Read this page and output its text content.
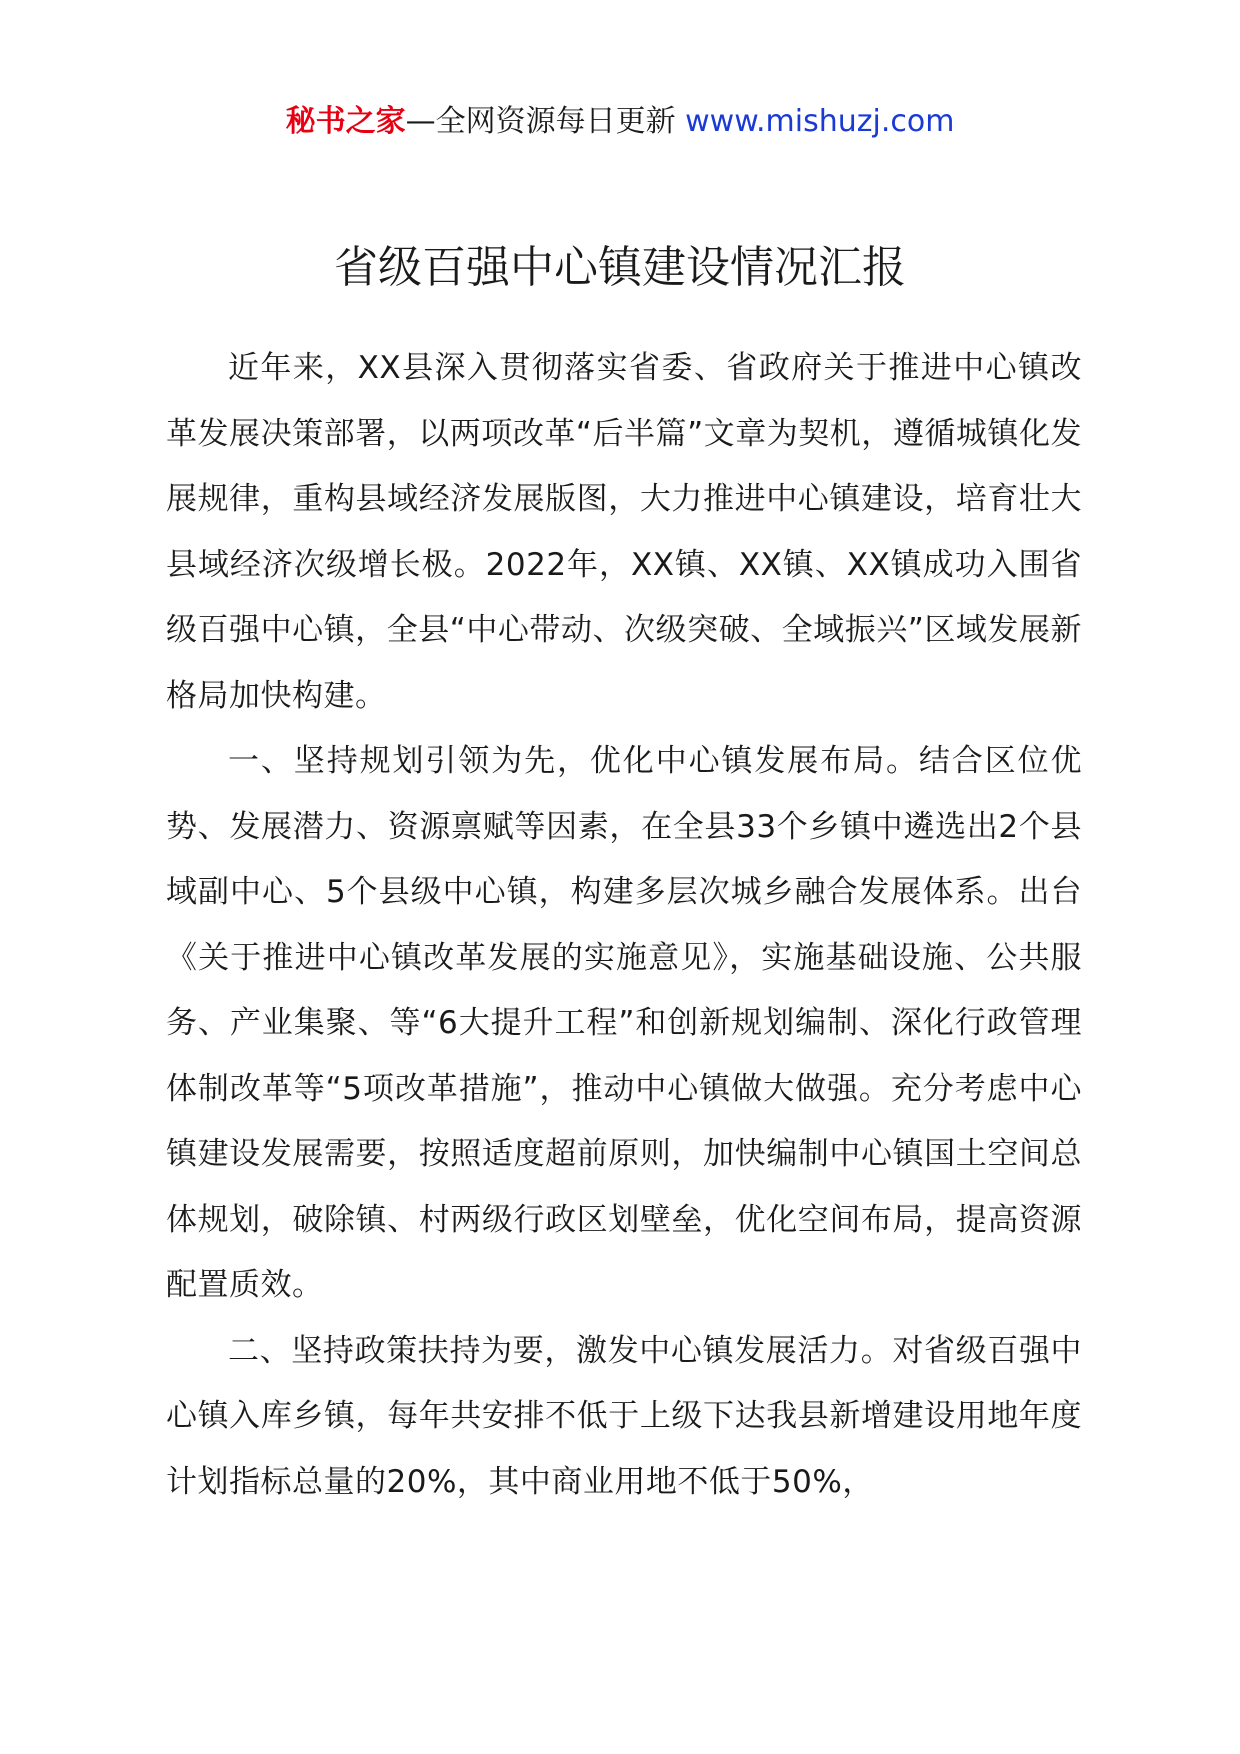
秘书之家—全网资源每日更新 www.mishuzj.com
省级百强中心镇建设情况汇报

近年来，XX县深入贯彻落实省委、省政府关于推进中心镇改革发展决策部署，以两项改革“后半篇”文章为契机，遵循城镇化发展规律，重构县域经济发展版图，大力推进中心镇建设，培育壮大县域经济次级增长极。2022年，XX镇、XX镇、XX镇成功入围省级百强中心镇，全县“中心带动、次级突破、全域振兴”区域发展新格局加快构建。

一、坚持规划引领为先，优化中心镇发展布局。结合区位优势、发展潜力、资源禀赋等因素，在全县33个乡镇中遴选出2个县域副中心、5个县级中心镇，构建多层次城乡融合发展体系。出台《关于推进中心镇改革发展的实施意见》，实施基础设施、公共服务、产业集聚、等“6大提升工程”和创新规划编制、深化行政管理体制改革等“5项改革措施”，推动中心镇做大做强。充分考虑中心镇建设发展需要，按照适度超前原则，加快编制中心镇国土空间总体规划，破除镇、村两级行政区划壁垒，优化空间布局，提高资源配置质效。

二、坚持政策扶持为要，激发中心镇发展活力。对省级百强中心镇入库乡镇，每年共安排不低于上级下达我县新增建设用地年度计划指标总量的20%，其中商业用地不低于50%，
